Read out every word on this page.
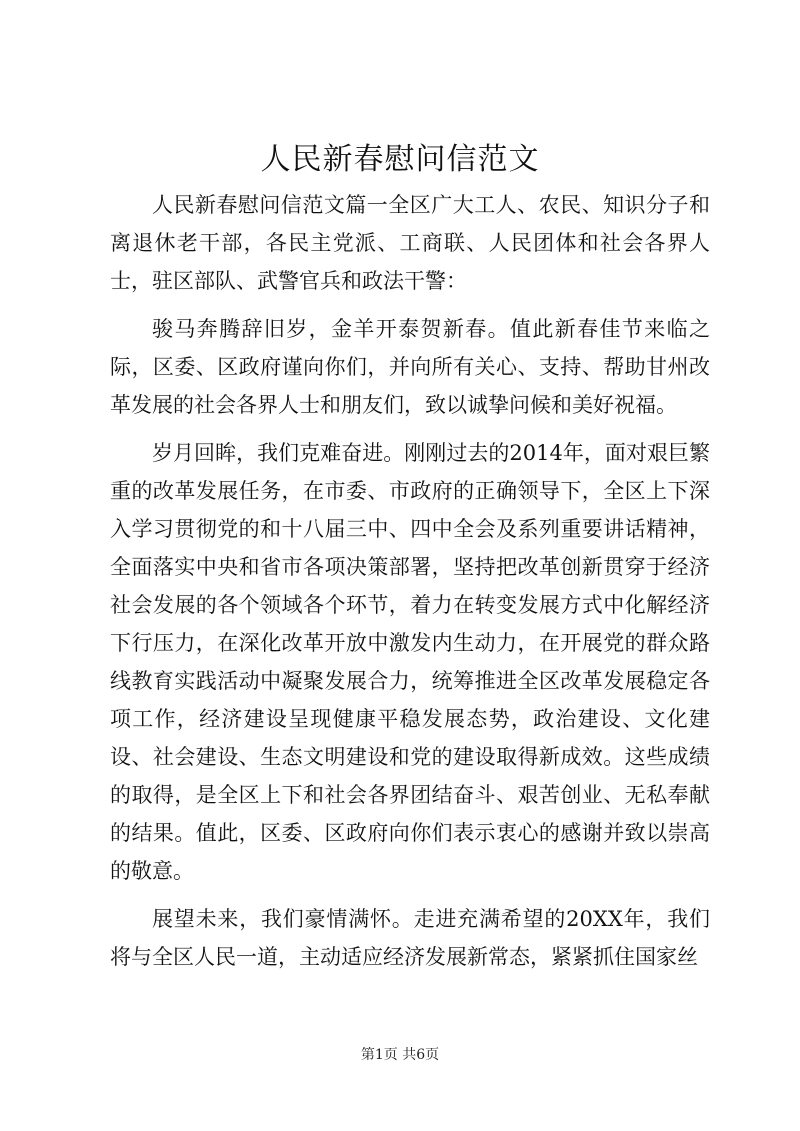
人民新春慰问信范文

人民新春慰问信范文篇一全区广大工人、农民、知识分子和离退休老干部，各民主党派、工商联、人民团体和社会各界人士，驻区部队、武警官兵和政法干警：

骏马奔腾辞旧岁，金羊开泰贺新春。值此新春佳节来临之际，区委、区政府谨向你们，并向所有关心、支持、帮助甘州改革发展的社会各界人士和朋友们，致以诚挚问候和美好祝福。

岁月回眸，我们克难奋进。刚刚过去的2014年，面对艰巨繁重的改革发展任务，在市委、市政府的正确领导下，全区上下深入学习贯彻党的和十八届三中、四中全会及系列重要讲话精神，全面落实中央和省市各项决策部署，坚持把改革创新贯穿于经济社会发展的各个领域各个环节，着力在转变发展方式中化解经济下行压力，在深化改革开放中激发内生动力，在开展党的群众路线教育实践活动中凝聚发展合力，统筹推进全区改革发展稳定各项工作，经济建设呈现健康平稳发展态势，政治建设、文化建设、社会建设、生态文明建设和党的建设取得新成效。这些成绩的取得，是全区上下和社会各界团结奋斗、艰苦创业、无私奉献的结果。值此，区委、区政府向你们表示衷心的感谢并致以崇高的敬意。

展望未来，我们豪情满怀。走进充满希望的20XX年，我们将与全区人民一道，主动适应经济发展新常态，紧紧抓住国家丝

第1页 共6页
